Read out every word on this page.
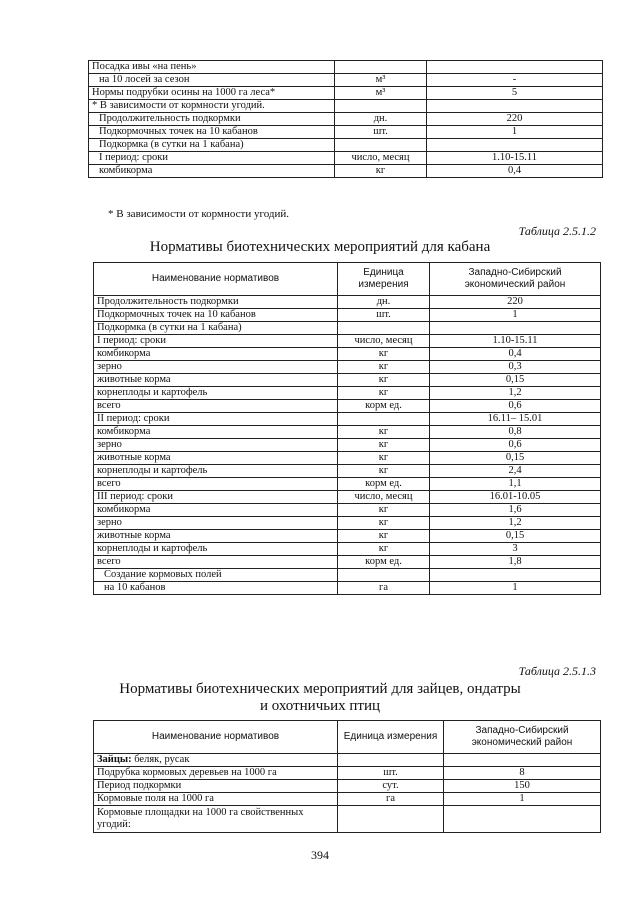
Посадка ивы «на пень»		
на 10 лосей за сезон	м³	-
Нормы подрубки осины на 1000 га леса*	м³	5
* В зависимости от кормности угодий.		
Продолжительность подкормки	дн.	220
Подкормочных точек на 10 кабанов	шт.	1
Подкормка (в сутки на 1 кабана)		
I период: сроки	число, месяц	1.10-15.11
комбикорма	кг	0,4
* В зависимости от кормности угодий.
Таблица 2.5.1.2
Нормативы биотехнических мероприятий для кабана
Наименование нормативов	Единица измерения	Западно-Сибирский экономический район
Продолжительность подкормки	дн.	220
Подкормочных точек на 10 кабанов	шт.	1
Подкормка (в сутки на 1 кабана)		
I период: сроки	число, месяц	1.10-15.11
комбикорма	кг	0,4
зерно	кг	0,3
животные корма	кг	0,15
корнеплоды и картофель	кг	1,2
всего	корм ед.	0,6
II период: сроки		16.11– 15.01
комбикорма	кг	0,8
зерно	кг	0,6
животные корма	кг	0,15
корнеплоды и картофель	кг	2,4
всего	корм ед.	1,1
III период: сроки	число, месяц	16.01-10.05
комбикорма	кг	1,6
зерно	кг	1,2
животные корма	кг	0,15
корнеплоды и картофель	кг	3
всего	корм ед.	1,8
Создание кормовых полей		
на 10 кабанов	га	1
Таблица 2.5.1.3
Нормативы биотехнических мероприятий для зайцев, ондатры
и охотничьих птиц
Наименование нормативов	Единица измерения	Западно-Сибирский экономический район
Зайцы: беляк, русак		
Подрубка кормовых деревьев на 1000 га	шт.	8
Период подкормки	сут.	150
Кормовые поля на 1000 га	га	1
Кормовые площадки на 1000 га свойственных угодий:		
394
